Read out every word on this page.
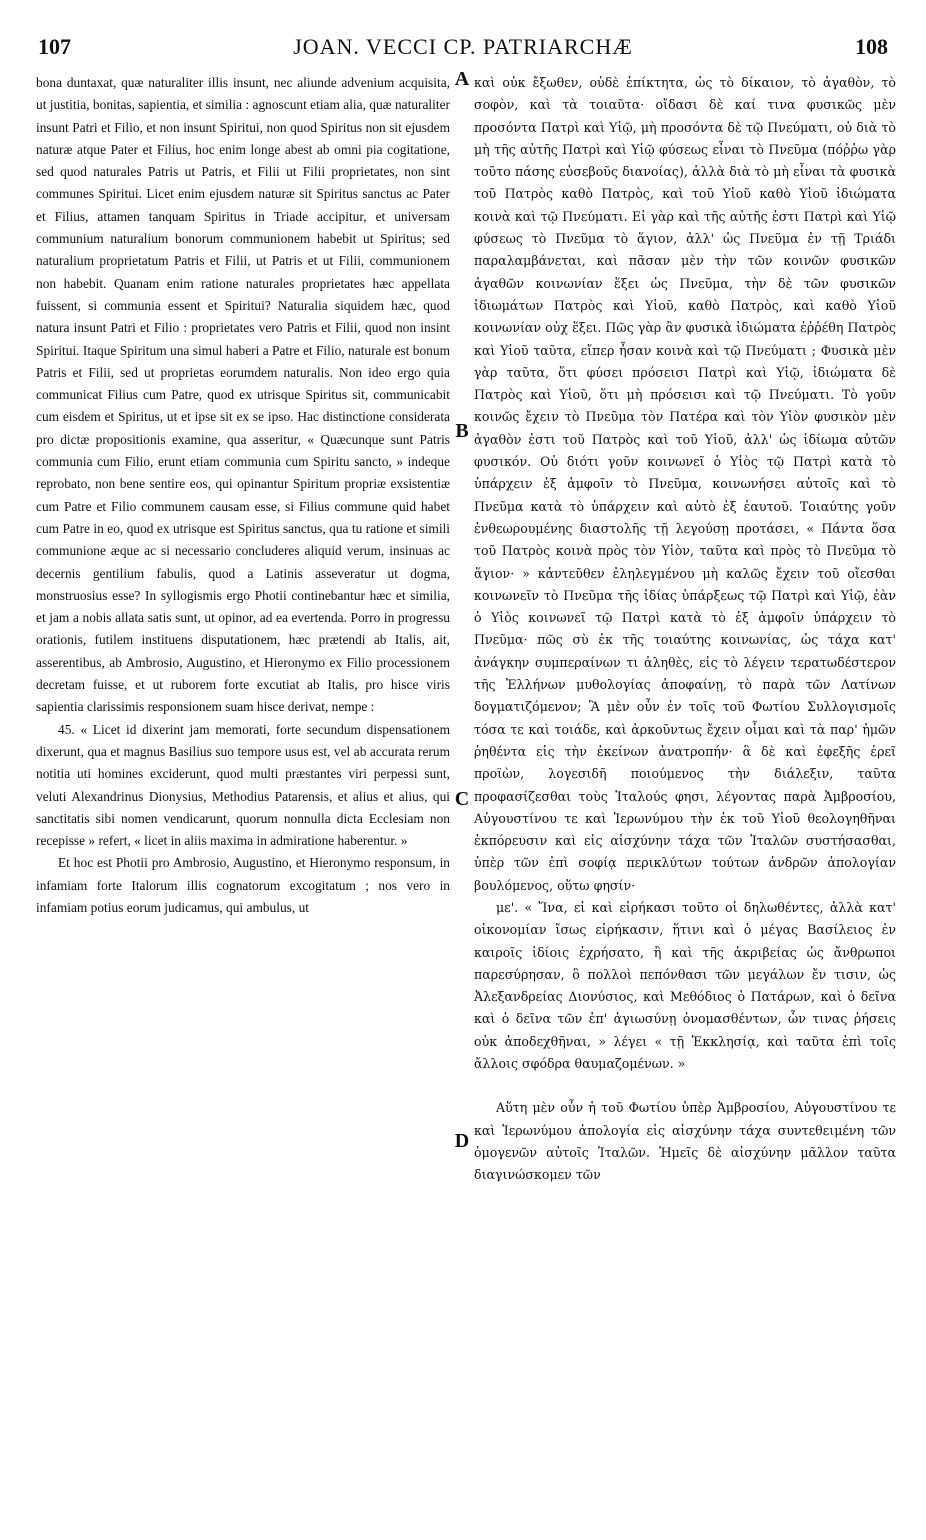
107	JOAN. VECCI CP. PATRIARCHÆ	108

bona duntaxat, quæ naturaliter illis insunt, nec aliunde advenium acquisita, ut justitia, bonitas, sapientia, et similia : agnoscunt etiam alia, quæ naturaliter insunt Patri et Filio, et non insunt Spiritui, non quod Spiritus non sit ejusdem naturæ atque Pater et Filius, hoc enim longe abest ab omni pia cogitatione, sed quod naturales Patris ut Patris, et Filii ut Filii proprietates, non sint communes Spiritui. Licet enim ejusdem naturæ sit Spiritus sanctus ac Pater et Filius, attamen tanquam Spiritus in Triade accipitur, et universam communium naturalium bonorum communionem habebit ut Spiritus; sed naturalium proprietatum Patris et Filii, ut Patris et ut Filii, communionem non habebit. Quanam enim ratione naturales proprietates hæc appellata fuissent, si communia essent et Spiritui? Naturalia siquidem hæc, quod natura insunt Patri et Filio : proprietates vero Patris et Filii, quod non insint Spiritui. Itaque Spiritum una simul haberi a Patre et Filio, naturale est bonum Patris et Filii, sed ut proprietas eorumdem naturalis. Non ideo ergo quia communicat Filius cum Patre, quod ex utrisque Spiritus sit, communicabit cum eisdem et Spiritus, ut et ipse sit ex se ipso. Hac distinctione considerata pro dictæ propositionis examine, qua asseritur, « Quæcunque sunt Patris communia cum Filio, erunt etiam communia cum Spiritu sancto, » indeque reprobato, non bene sentire eos, qui opinantur Spiritum propriæ exsistentiæ cum Patre et Filio communem causam esse, si Filius commune quid habet cum Patre in eo, quod ex utrisque est Spiritus sanctus, qua tu ratione et simili communione æque ac si necessario concluderes aliquid verum, insinuas ac decernis gentilium fabulis, quod a Latinis asseveratur ut dogma, monstruosius esse? In syllogismis ergo Photii continebantur hæc et similia, et jam a nobis allata satis sunt, ut opinor, ad ea evertenda. Porro in progressu orationis, futilem instituens disputationem, hæc prætendi ab Italis, ait, asserentibus, ab Ambrosio, Augustino, et Hieronymo ex Filio processionem decretam fuisse, et ut ruborem forte excutiat ab Italis, pro hisce viris sapientia clarissimis responsionem suam hisce derivat, nempe :

45. « Licet id dixerint jam memorati, forte secundum dispensationem dixerunt, qua et magnus Basilius suo tempore usus est, vel ab accurata rerum notitia uti homines exciderunt, quod multi præstantes viri perpessi sunt, veluti Alexandrinus Dionysius, Methodius Patarensis, et alius et alius, qui sanctitatis sibi nomen vendicarunt, quorum nonnulla dicta Ecclesiam non recepisse » refert, « licet in aliis maxima in admiratione haberentur. »

Et hoc est Photii pro Ambrosio, Augustino, et Hieronymo responsum, in infamiam forte Italorum illis cognatorum excogitatum ; nos vero in infamiam potius eorum judicamus, qui ambulus, ut

A
B
C
D

καὶ οὐκ ἔξωθεν, οὐδὲ ἐπίκτητα, ὡς τὸ δίκαιον, τὸ ἀγαθὸν, τὸ σοφὸν, καὶ τὰ τοιαῦτα· οἴδασι δὲ καί τινα φυσικῶς μὲν προσόντα Πατρὶ καὶ Υἱῷ, μὴ προσόντα δὲ τῷ Πνεύματι, οὐ διὰ τὸ μὴ τῆς αὐτῆς Πατρὶ καὶ Υἱῷ φύσεως εἶναι τὸ Πνεῦμα (πόῤῥω γὰρ τοῦτο πάσης εὐσεβοῦς διανοίας), ἀλλὰ διὰ τὸ μὴ εἶναι τὰ φυσικὰ τοῦ Πατρὸς καθὸ Πατρὸς, καὶ τοῦ Υἱοῦ καθὸ Υἱοῦ ἰδιώματα κοινὰ καὶ τῷ Πνεύματι. Εἰ γὰρ καὶ τῆς αὐτῆς ἐστι Πατρὶ καὶ Υἱῷ φύσεως τὸ Πνεῦμα τὸ ἅγιον, ἀλλ' ὡς Πνεῦμα ἐν τῇ Τριάδι παραλαμβάνεται, καὶ πᾶσαν μὲν τὴν τῶν κοινῶν φυσικῶν ἀγαθῶν κοινωνίαν ἕξει ὡς Πνεῦμα, τὴν δὲ τῶν φυσικῶν ἰδιωμάτων Πατρὸς καὶ Υἱοῦ, καθὸ Πατρὸς, καὶ καθὸ Υἱοῦ κοινωνίαν οὐχ ἕξει. Πῶς γὰρ ἂν φυσικὰ ἰδιώματα ἐῤῥέθη Πατρὸς καὶ Υἱοῦ ταῦτα, εἴπερ ἦσαν κοινὰ καὶ τῷ Πνεύματι ; Φυσικὰ μὲν γὰρ ταῦτα, ὅτι φύσει πρόσεισι Πατρὶ καὶ Υἱῷ, ἰδιώματα δὲ Πατρὸς καὶ Υἱοῦ, ὅτι μὴ πρόσεισι καὶ τῷ Πνεύματι. Τὸ γοῦν κοινῶς ἔχειν τὸ Πνεῦμα τὸν Πατέρα καὶ τὸν Υἱὸν φυσικὸν μὲν ἀγαθὸν ἐστι τοῦ Πατρὸς καὶ τοῦ Υἱοῦ, ἀλλ' ὡς ἰδίωμα αὐτῶν φυσικόν. Οὐ διότι γοῦν κοινωνεῖ ὁ Υἱὸς τῷ Πατρὶ κατὰ τὸ ὑπάρχειν ἐξ ἀμφοῖν τὸ Πνεῦμα, κοινωνήσει αὐτοῖς καὶ τὸ Πνεῦμα κατὰ τὸ ὑπάρχειν καὶ αὐτὸ ἐξ ἑαυτοῦ. Τοιαύτης γοῦν ἐνθεωρουμένης διαστολῆς τῇ λεγούσῃ προτάσει, « Πάντα ὅσα τοῦ Πατρὸς κοινὰ πρὸς τὸν Υἱὸν, ταῦτα καὶ πρὸς τὸ Πνεῦμα τὸ ἅγιον· » κἀντεῦθεν ἐληλεγμένου μὴ καλῶς ἔχειν τοῦ οἴεσθαι κοινωνεῖν τὸ Πνεῦμα τῆς ἰδίας ὑπάρξεως τῷ Πατρὶ καὶ Υἱῷ, ἐὰν ὁ Υἱὸς κοινωνεῖ τῷ Πατρὶ κατὰ τὸ ἐξ ἀμφοῖν ὑπάρχειν τὸ Πνεῦμα· πῶς σὺ ἐκ τῆς τοιαύτης κοινωνίας, ὡς τάχα κατ' ἀνάγκην συμπεραίνων τι ἀληθὲς, εἰς τὸ λέγειν τερατωδέστερον τῆς Ἑλλήνων μυθολογίας ἀποφαίνῃ, τὸ παρὰ τῶν Λατίνων δογματιζόμενον; Ἃ μὲν οὖν ἐν τοῖς τοῦ Φωτίου Συλλογισμοῖς τόσα τε καὶ τοιάδε, καὶ ἀρκοῦντως ἔχειν οἶμαι καὶ τὰ παρ' ἡμῶν ῥηθέντα εἰς τὴν ἐκείνων ἀνατροπήν· ἃ δὲ καὶ ἐφεξῆς ἐρεῖ προϊὼν, λογεσιδῆ ποιούμενος τὴν διάλεξιν, ταῦτα προφασίζεσθαι τοὺς Ἰταλούς φησι, λέγοντας παρὰ Ἀμβροσίου, Αὐγουστίνου τε καὶ Ἱερωνύμου τὴν ἐκ τοῦ Υἱοῦ θεολογηθῆναι ἐκπόρευσιν καὶ εἰς αἰσχύνην τάχα τῶν Ἰταλῶν συστήσασθαι, ὑπὲρ τῶν ἐπὶ σοφίᾳ περικλύτων τούτων ἀνδρῶν ἀπολογίαν βουλόμενος, οὕτω φησίν·

με'. « Ἵνα, εἰ καὶ εἰρήκασι τοῦτο οἱ δηλωθέντες, ἀλλὰ κατ' οἰκονομίαν ἴσως εἰρήκασιν, ἥτινι καὶ ὁ μέγας Βασίλειος ἐν καιροῖς ἰδίοις ἐχρήσατο, ἢ καὶ τῆς ἀκριβείας ὡς ἄνθρωποι παρεσύρησαν, ὃ πολλοὶ πεπόνθασι τῶν μεγάλων ἔν τισιν, ὡς Ἀλεξανδρείας Διονύσιος, καὶ Μεθόδιος ὁ Πατάρων, καὶ ὁ δεῖνα καὶ ὁ δεῖνα τῶν ἐπ' ἁγιωσύνῃ ὀνομασθέντων, ὧν τινας ῥήσεις οὐκ ἀποδεχθῆναι, » λέγει « τῇ Ἐκκλησίᾳ, καὶ ταῦτα ἐπὶ τοῖς ἄλλοις σφόδρα θαυμαζομένων. »

Αὕτη μὲν οὖν ἡ τοῦ Φωτίου ὑπὲρ Ἀμβροσίου, Αὐγουστίνου τε καὶ Ἱερωνύμου ἀπολογία εἰς αἰσχύνην τάχα συντεθειμένη τῶν ὁμογενῶν αὐτοῖς Ἰταλῶν. Ἡμεῖς δὲ αἰσχύνην μᾶλλον ταῦτα διαγινώσκομεν τῶν
